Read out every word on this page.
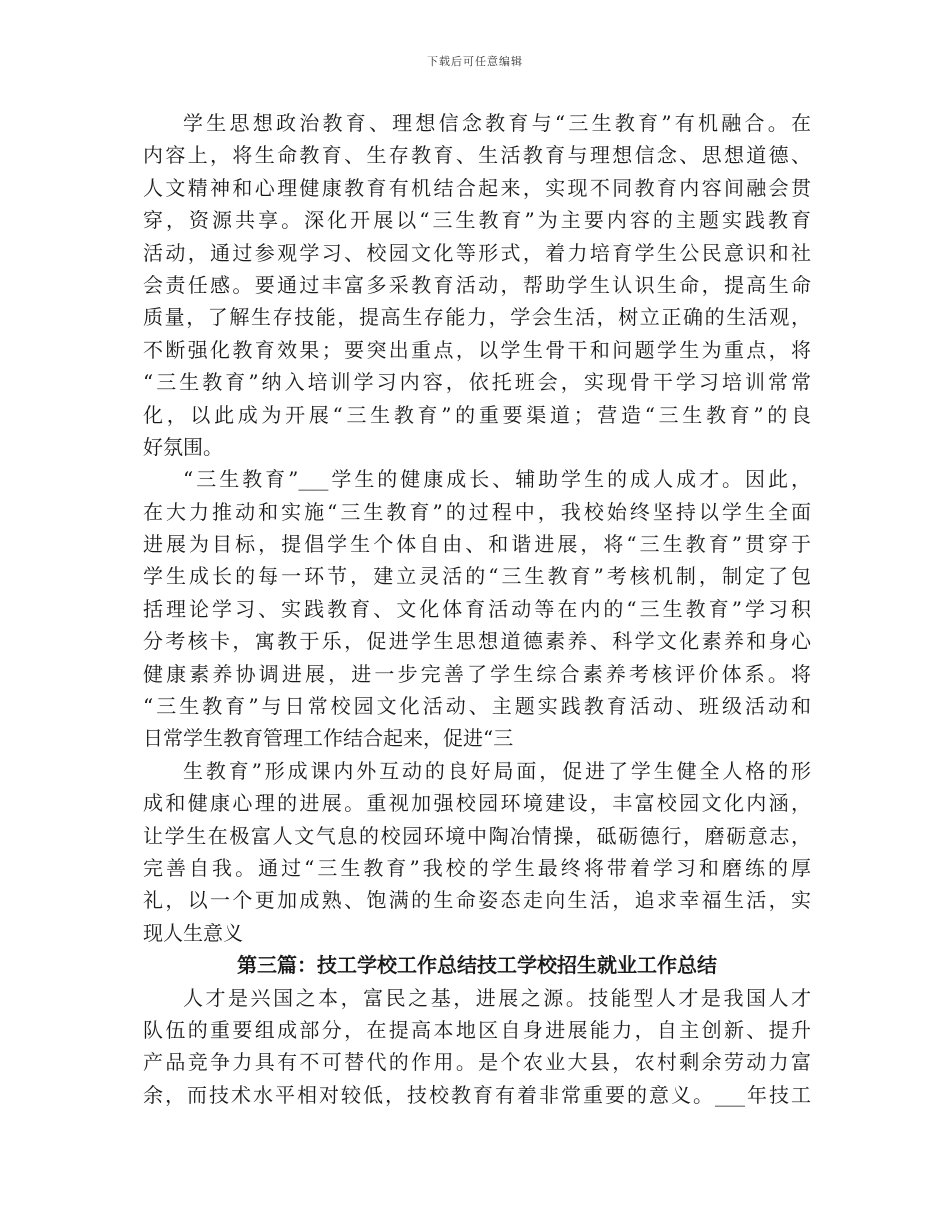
下载后可任意编辑
学生思想政治教育、理想信念教育与“三生教育”有机融合。在
内容上，将生命教育、生存教育、生活教育与理想信念、思想道德、
人文精神和心理健康教育有机结合起来，实现不同教育内容间融会贯
穿，资源共享。深化开展以“三生教育”为主要内容的主题实践教育
活动，通过参观学习、校园文化等形式，着力培育学生公民意识和社
会责任感。要通过丰富多采教育活动，帮助学生认识生命，提高生命
质量，了解生存技能，提高生存能力，学会生活，树立正确的生活观，
不断强化教育效果；要突出重点，以学生骨干和问题学生为重点，将
“三生教育”纳入培训学习内容，依托班会，实现骨干学习培训常常
化，以此成为开展“三生教育”的重要渠道；营造“三生教育”的良
好氛围。
“三生教育”___学生的健康成长、辅助学生的成人成才。因此，
在大力推动和实施“三生教育”的过程中，我校始终坚持以学生全面
进展为目标，提倡学生个体自由、和谐进展，将“三生教育”贯穿于
学生成长的每一环节，建立灵活的“三生教育”考核机制，制定了包
括理论学习、实践教育、文化体育活动等在内的“三生教育”学习积
分考核卡，寓教于乐，促进学生思想道德素养、科学文化素养和身心
健康素养协调进展，进一步完善了学生综合素养考核评价体系。将
“三生教育”与日常校园文化活动、主题实践教育活动、班级活动和
日常学生教育管理工作结合起来，促进“三
生教育”形成课内外互动的良好局面，促进了学生健全人格的形
成和健康心理的进展。重视加强校园环境建设，丰富校园文化内涵，
让学生在极富人文气息的校园环境中陶冶情操，砥砺德行，磨砺意志，
完善自我。通过“三生教育”我校的学生最终将带着学习和磨练的厚
礼，以一个更加成熟、饱满的生命姿态走向生活，追求幸福生活，实
现人生意义
第三篇：技工学校工作总结技工学校招生就业工作总结
人才是兴国之本，富民之基，进展之源。技能型人才是我国人才
队伍的重要组成部分，在提高本地区自身进展能力，自主创新、提升
产品竞争力具有不可替代的作用。是个农业大县，农村剩余劳动力富
余，而技术水平相对较低，技校教育有着非常重要的意义。___年技工
